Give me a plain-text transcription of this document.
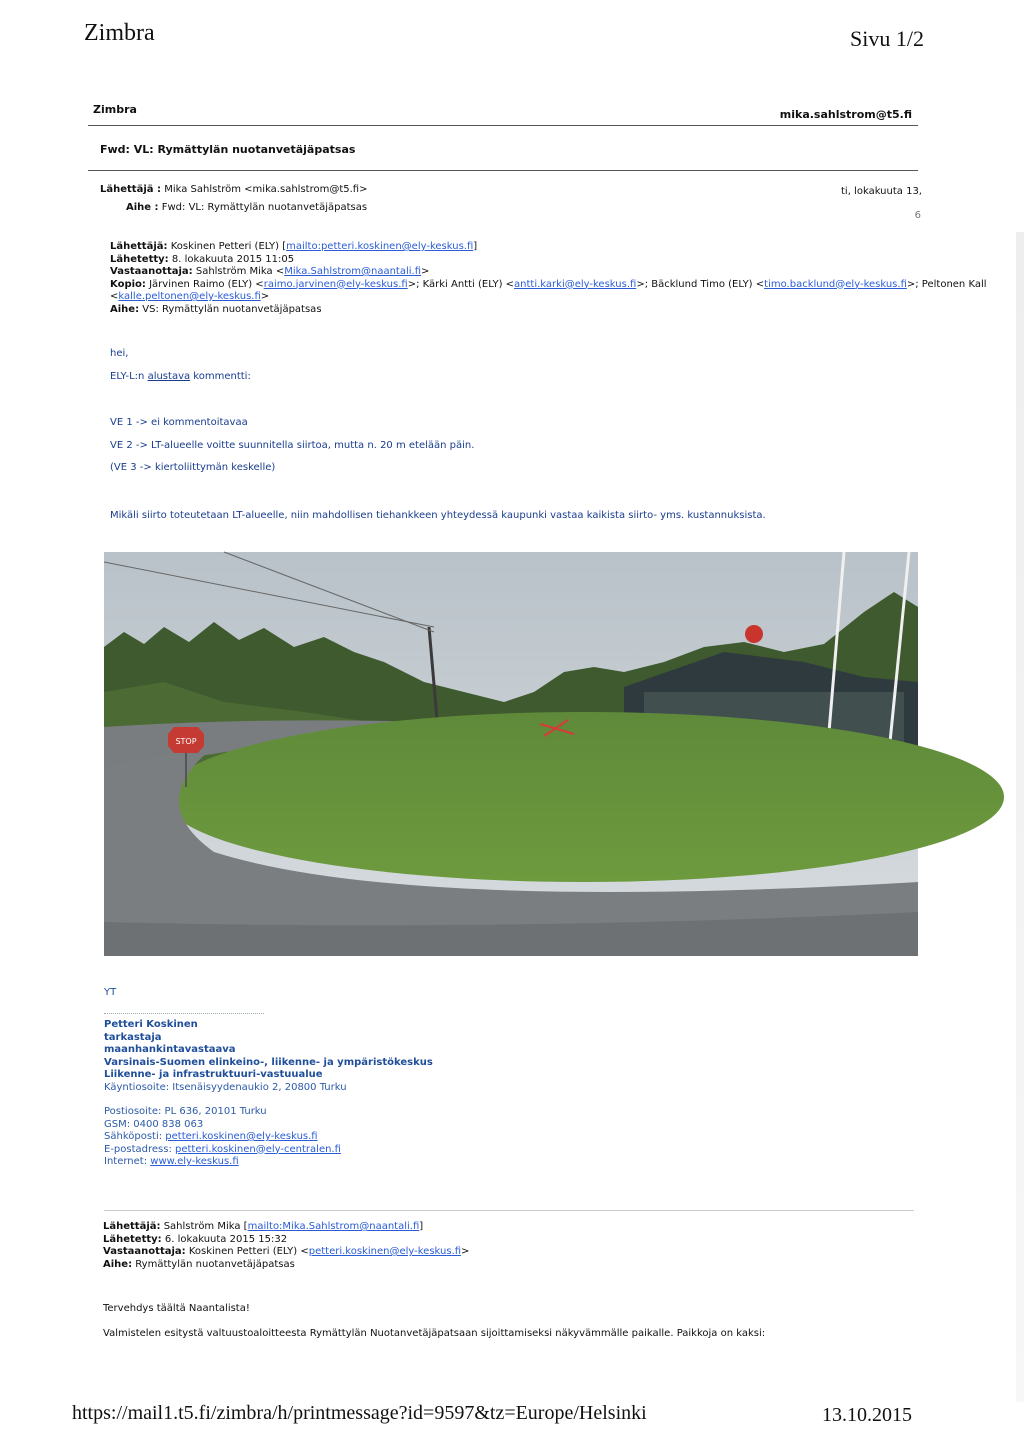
Zimbra	Sivu 1/2
Zimbra	mika.sahlstrom@t5.fi
Fwd: VL: Rymättylän nuotanvetäjäpatsas
Lähettäjä : Mika Sahlström <mika.sahlstrom@t5.fi>
Aihe : Fwd: VL: Rymättylän nuotanvetäjäpatsas
ti, lokakuuta 13,
6
Lähettäjä: Koskinen Petteri (ELY) [mailto:petteri.koskinen@ely-keskus.fi]
Lähetetty: 8. lokakuuta 2015 11:05
Vastaanottaja: Sahlström Mika <Mika.Sahlstrom@naantali.fi>
Kopio: Järvinen Raimo (ELY) <raimo.jarvinen@ely-keskus.fi>; Kärki Antti (ELY) <antti.karki@ely-keskus.fi>; Bäcklund Timo (ELY) <timo.backlund@ely-keskus.fi>; Peltonen Kall
<kalle.peltonen@ely-keskus.fi>
Aihe: VS: Rymättylän nuotanvetäjäpatsas
hei,
ELY-L:n alustava kommentti:
VE 1 -> ei kommentoitavaa
VE 2 -> LT-alueelle voitte suunnitella siirtoa, mutta n. 20 m etelään päin.
(VE 3 -> kiertoliittymän keskelle)
Mikäli siirto toteutetaan LT-alueelle, niin mahdollisen tiehankkeen yhteydessä kaupunki vastaa kaikista siirto- yms. kustannuksista.
STOP
YT
Petteri Koskinen
tarkastaja
maanhankintavastaava
Varsinais-Suomen elinkeino-, liikenne- ja ympäristökeskus
Liikenne- ja infrastruktuuri-vastuualue
Käyntiosoite: Itsenäisyydenaukio 2, 20800 Turku
Postiosoite: PL 636, 20101 Turku
GSM: 0400 838 063
Sähköposti: petteri.koskinen@ely-keskus.fi
E-postadress: petteri.koskinen@ely-centralen.fi
Internet: www.ely-keskus.fi
Lähettäjä: Sahlström Mika [mailto:Mika.Sahlstrom@naantali.fi]
Lähetetty: 6. lokakuuta 2015 15:32
Vastaanottaja: Koskinen Petteri (ELY) <petteri.koskinen@ely-keskus.fi>
Aihe: Rymättylän nuotanvetäjäpatsas
Tervehdys täältä Naantalista!
Valmistelen esitystä valtuustoaloitteesta Rymättylän Nuotanvetäjäpatsaan sijoittamiseksi näkyvämmälle paikalle. Paikkoja on kaksi:
https://mail1.t5.fi/zimbra/h/printmessage?id=9597&tz=Europe/Helsinki	13.10.2015
